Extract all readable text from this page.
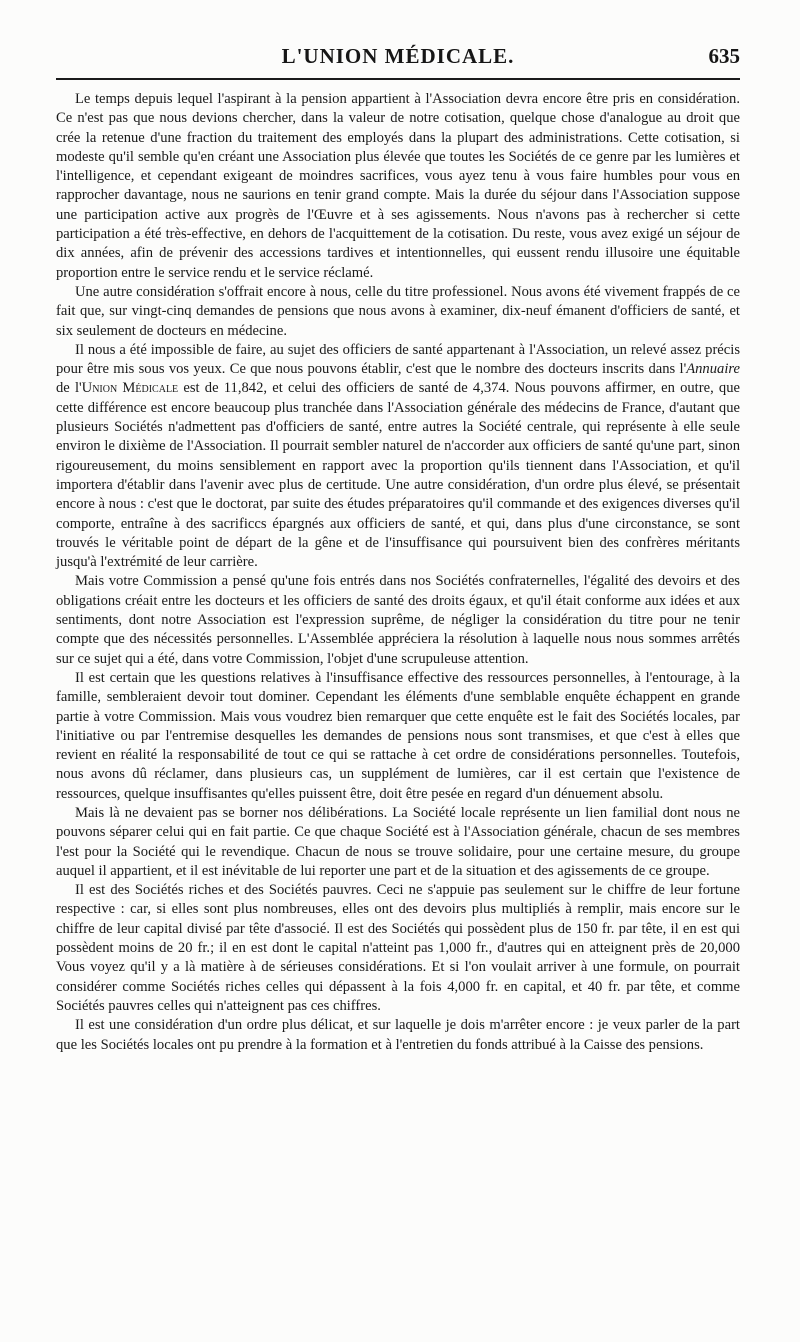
L'UNION MÉDICALE.	635

Le temps depuis lequel l'aspirant à la pension appartient à l'Association devra encore être pris en considération. Ce n'est pas que nous devions chercher, dans la valeur de notre cotisation, quelque chose d'analogue au droit que crée la retenue d'une fraction du traitement des employés dans la plupart des administrations. Cette cotisation, si modeste qu'il semble qu'en créant une Association plus élevée que toutes les Sociétés de ce genre par les lumières et l'intelligence, et cependant exigeant de moindres sacrifices, vous ayez tenu à vous faire humbles pour vous en rapprocher davantage, nous ne saurions en tenir grand compte. Mais la durée du séjour dans l'Association suppose une participation active aux progrès de l'Œuvre et à ses agissements. Nous n'avons pas à rechercher si cette participation a été très-effective, en dehors de l'acquittement de la cotisation. Du reste, vous avez exigé un séjour de dix années, afin de prévenir des accessions tardives et intentionnelles, qui eussent rendu illusoire une équitable proportion entre le service rendu et le service réclamé.

Une autre considération s'offrait encore à nous, celle du titre professionel. Nous avons été vivement frappés de ce fait que, sur vingt-cinq demandes de pensions que nous avons à examiner, dix-neuf émanent d'officiers de santé, et six seulement de docteurs en médecine.

Il nous a été impossible de faire, au sujet des officiers de santé appartenant à l'Association, un relevé assez précis pour être mis sous vos yeux. Ce que nous pouvons établir, c'est que le nombre des docteurs inscrits dans l'Annuaire de l'Union Médicale est de 11,842, et celui des officiers de santé de 4,374. Nous pouvons affirmer, en outre, que cette différence est encore beaucoup plus tranchée dans l'Association générale des médecins de France, d'autant que plusieurs Sociétés n'admettent pas d'officiers de santé, entre autres la Société centrale, qui représente à elle seule environ le dixième de l'Association. Il pourrait sembler naturel de n'accorder aux officiers de santé qu'une part, sinon rigoureusement, du moins sensiblement en rapport avec la proportion qu'ils tiennent dans l'Association, et qu'il importera d'établir dans l'avenir avec plus de certitude. Une autre considération, d'un ordre plus élevé, se présentait encore à nous : c'est que le doctorat, par suite des études préparatoires qu'il commande et des exigences diverses qu'il comporte, entraîne à des sacrificcs épargnés aux officiers de santé, et qui, dans plus d'une circonstance, se sont trouvés le véritable point de départ de la gêne et de l'insuffisance qui poursuivent bien des confrères méritants jusqu'à l'extrémité de leur carrière.

Mais votre Commission a pensé qu'une fois entrés dans nos Sociétés confraternelles, l'égalité des devoirs et des obligations créait entre les docteurs et les officiers de santé des droits égaux, et qu'il était conforme aux idées et aux sentiments, dont notre Association est l'expression suprême, de négliger la considération du titre pour ne tenir compte que des nécessités personnelles. L'Assemblée appréciera la résolution à laquelle nous nous sommes arrêtés sur ce sujet qui a été, dans votre Commission, l'objet d'une scrupuleuse attention.

Il est certain que les questions relatives à l'insuffisance effective des ressources personnelles, à l'entourage, à la famille, sembleraient devoir tout dominer. Cependant les éléments d'une semblable enquête échappent en grande partie à votre Commission. Mais vous voudrez bien remarquer que cette enquête est le fait des Sociétés locales, par l'initiative ou par l'entremise desquelles les demandes de pensions nous sont transmises, et que c'est à elles que revient en réalité la responsabilité de tout ce qui se rattache à cet ordre de considérations personnelles. Toutefois, nous avons dû réclamer, dans plusieurs cas, un supplément de lumières, car il est certain que l'existence de ressources, quelque insuffisantes qu'elles puissent être, doit être pesée en regard d'un dénuement absolu.

Mais là ne devaient pas se borner nos délibérations. La Société locale représente un lien familial dont nous ne pouvons séparer celui qui en fait partie. Ce que chaque Société est à l'Association générale, chacun de ses membres l'est pour la Société qui le revendique. Chacun de nous se trouve solidaire, pour une certaine mesure, du groupe auquel il appartient, et il est inévitable de lui reporter une part et de la situation et des agissements de ce groupe.

Il est des Sociétés riches et des Sociétés pauvres. Ceci ne s'appuie pas seulement sur le chiffre de leur fortune respective : car, si elles sont plus nombreuses, elles ont des devoirs plus multipliés à remplir, mais encore sur le chiffre de leur capital divisé par tête d'associé. Il est des Sociétés qui possèdent plus de 150 fr. par tête, il en est qui possèdent moins de 20 fr.; il en est dont le capital n'atteint pas 1,000 fr., d'autres qui en atteignent près de 20,000 Vous voyez qu'il y a là matière à de sérieuses considérations. Et si l'on voulait arriver à une formule, on pourrait considérer comme Sociétés riches celles qui dépassent à la fois 4,000 fr. en capital, et 40 fr. par tête, et comme Sociétés pauvres celles qui n'atteignent pas ces chiffres.

Il est une considération d'un ordre plus délicat, et sur laquelle je dois m'arrêter encore : je veux parler de la part que les Sociétés locales ont pu prendre à la formation et à l'entretien du fonds attribué à la Caisse des pensions.
